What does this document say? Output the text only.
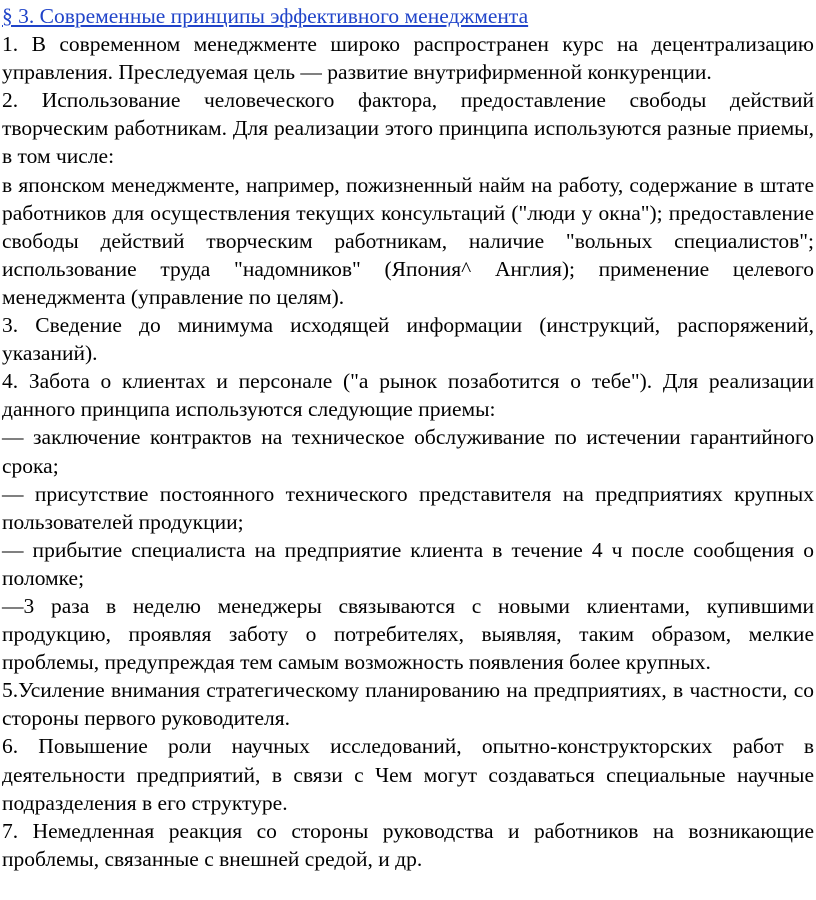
§ 3. Современные принципы эффективного менеджмента

1. В современном менеджменте широко распространен курс на децентрализацию управления. Преследуемая цель — развитие внутрифирменной конкуренции.

2. Использование человеческого фактора, предоставление свободы действий творческим работникам. Для реализации этого принципа используются разные приемы, в том числе:

в японском менеджменте, например, пожизненный найм на работу, содержание в штате работников для осуществления текущих консультаций ("люди у окна"); предоставление свободы действий творческим работникам, наличие "вольных специалистов"; использование труда "надомников" (Япония^ Англия); применение целевого менеджмента (управление по целям).

3. Сведение до минимума исходящей информации (инструкций, распоряжений, указаний).

4. Забота о клиентах и персонале ("а рынок позаботится о тебе"). Для реализации данного принципа используются следующие приемы:

— заключение контрактов на техническое обслуживание по истечении гарантийного срока;

— присутствие постоянного технического представителя на предприятиях крупных пользователей продукции;

— прибытие специалиста на предприятие клиента в течение 4 ч после сообщения о поломке;

—3 раза в неделю менеджеры связываются с новыми клиентами, купившими продукцию, проявляя заботу о потребителях, выявляя, таким образом, мелкие проблемы, предупреждая тем самым возможность появления более крупных.

5.Усиление внимания стратегическому планированию на предприятиях, в частности, со стороны первого руководителя.

6. Повышение роли научных исследований, опытно-конструкторских работ в деятельности предприятий, в связи с Чем могут создаваться специальные научные подразделения в его структуре.

7. Немедленная реакция со стороны руководства и работников на возникающие проблемы, связанные с внешней средой, и др.
